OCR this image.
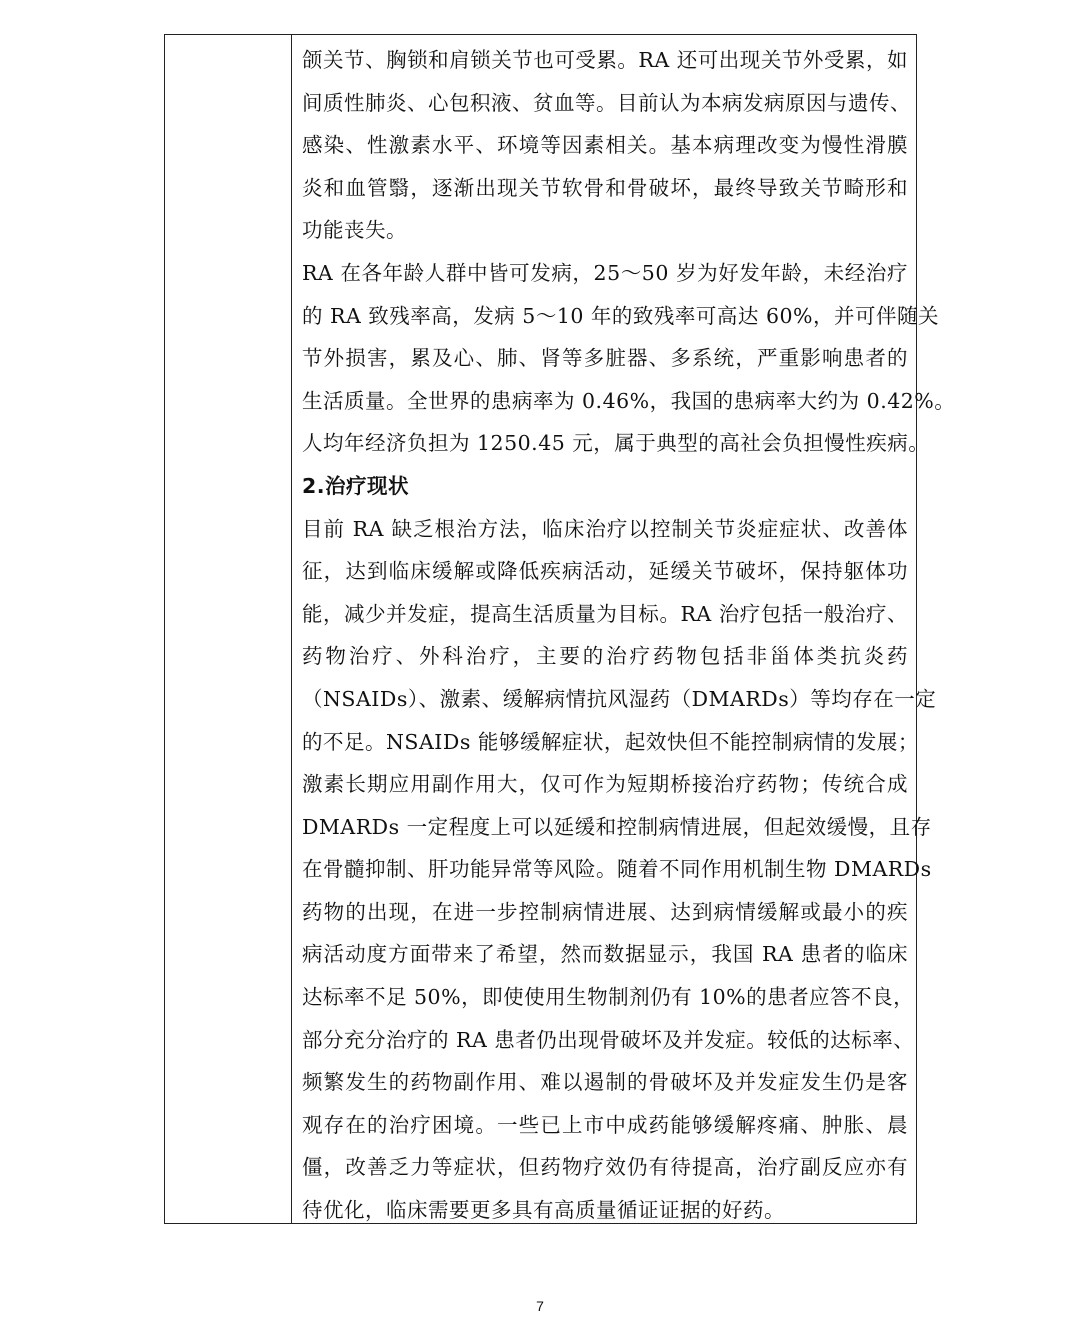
颌关节、胸锁和肩锁关节也可受累。RA 还可出现关节外受累，如
间质性肺炎、心包积液、贫血等。目前认为本病发病原因与遗传、
感染、性激素水平、环境等因素相关。基本病理改变为慢性滑膜
炎和血管翳，逐渐出现关节软骨和骨破坏，最终导致关节畸形和
功能丧失。
RA 在各年龄人群中皆可发病，25～50 岁为好发年龄，未经治疗
的 RA 致残率高，发病 5～10 年的致残率可高达 60%，并可伴随关
节外损害，累及心、肺、肾等多脏器、多系统，严重影响患者的
生活质量。全世界的患病率为 0.46%，我国的患病率大约为 0.42%。
人均年经济负担为 1250.45 元，属于典型的高社会负担慢性疾病。
2.治疗现状
目前 RA 缺乏根治方法，临床治疗以控制关节炎症症状、改善体
征，达到临床缓解或降低疾病活动，延缓关节破坏，保持躯体功
能，减少并发症，提高生活质量为目标。RA 治疗包括一般治疗、
药物治疗、外科治疗，主要的治疗药物包括非甾体类抗炎药
（NSAIDs）、激素、缓解病情抗风湿药（DMARDs）等均存在一定
的不足。NSAIDs 能够缓解症状，起效快但不能控制病情的发展；
激素长期应用副作用大，仅可作为短期桥接治疗药物；传统合成
DMARDs 一定程度上可以延缓和控制病情进展，但起效缓慢，且存
在骨髓抑制、肝功能异常等风险。随着不同作用机制生物 DMARDs
药物的出现，在进一步控制病情进展、达到病情缓解或最小的疾
病活动度方面带来了希望，然而数据显示，我国 RA 患者的临床
达标率不足 50%，即使使用生物制剂仍有 10%的患者应答不良，
部分充分治疗的 RA 患者仍出现骨破坏及并发症。较低的达标率、
频繁发生的药物副作用、难以遏制的骨破坏及并发症发生仍是客
观存在的治疗困境。一些已上市中成药能够缓解疼痛、肿胀、晨
僵，改善乏力等症状，但药物疗效仍有待提高，治疗副反应亦有
待优化，临床需要更多具有高质量循证证据的好药。
7
